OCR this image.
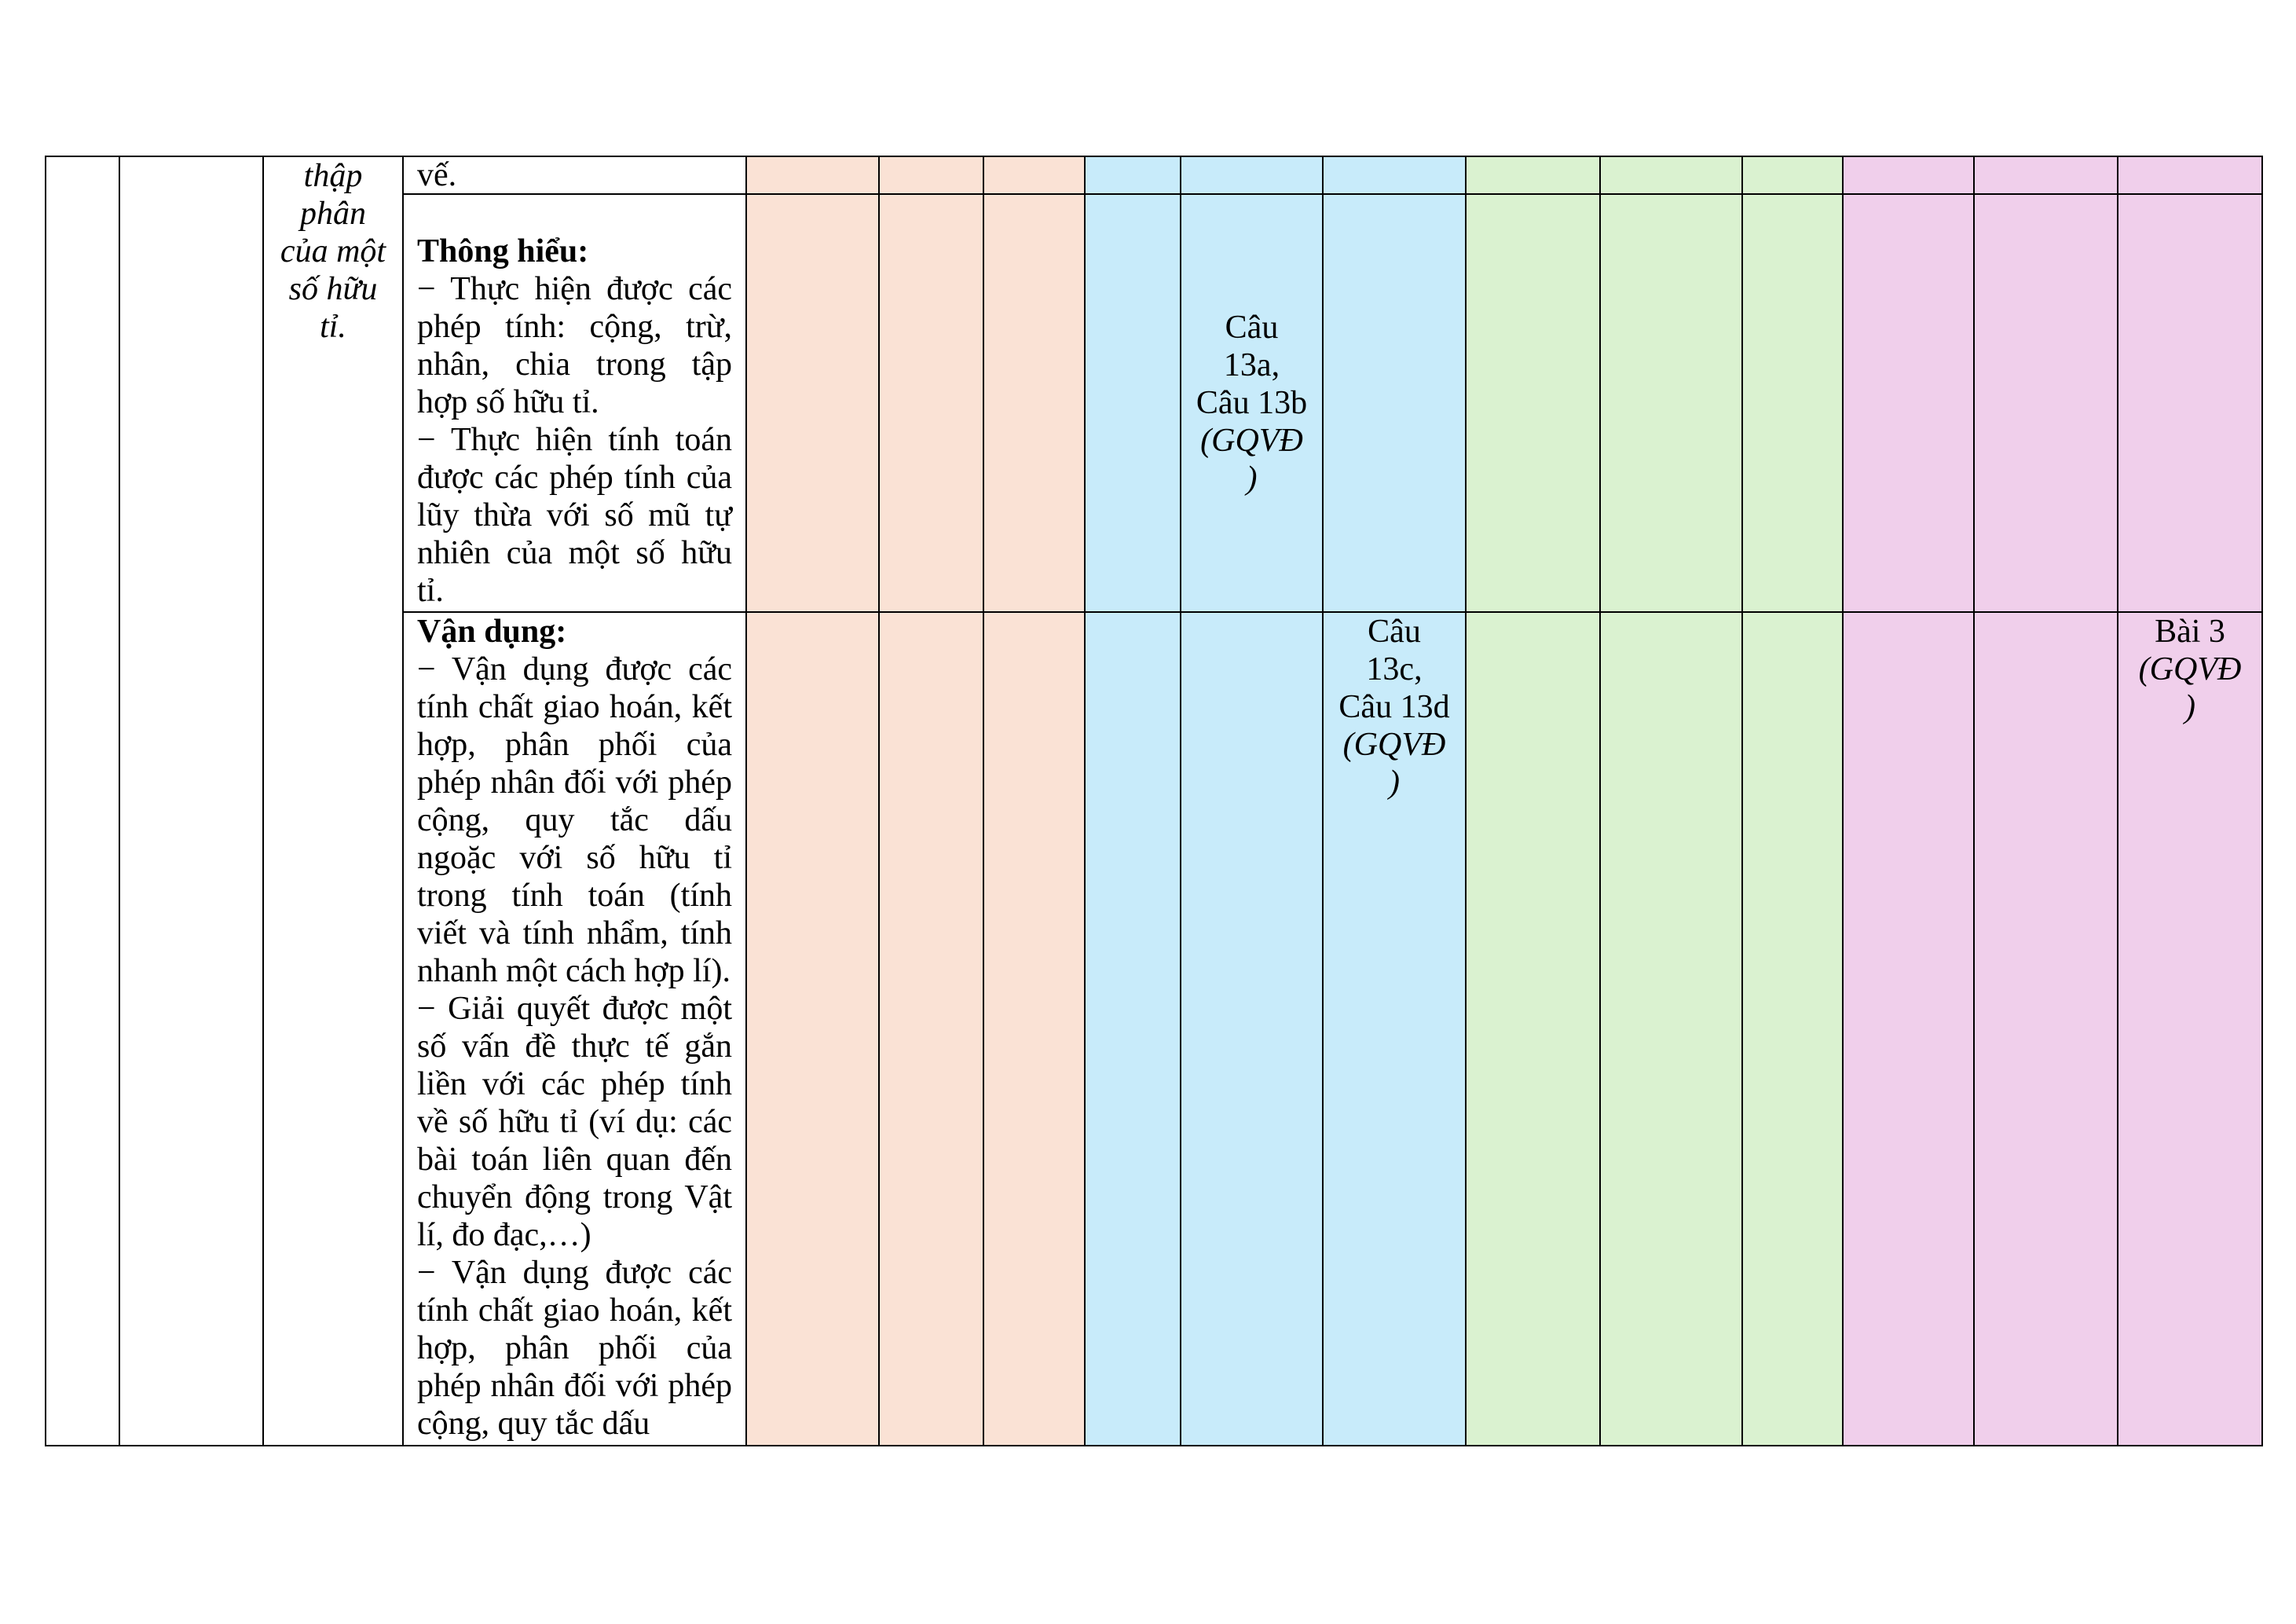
thập phân của một số hữu tỉ.
vế.
Thông hiểu:
− Thực hiện được các phép tính: cộng, trừ, nhân, chia trong tập hợp số hữu tỉ.
− Thực hiện tính toán được các phép tính của lũy thừa với số mũ tự nhiên của một số hữu tỉ.
Vận dụng:
− Vận dụng được các tính chất giao hoán, kết hợp, phân phối của phép nhân đối với phép cộng, quy tắc dấu ngoặc với số hữu tỉ trong tính toán (tính viết và tính nhẩm, tính nhanh một cách hợp lí).
− Giải quyết được một số vấn đề thực tế gắn liền với các phép tính về số hữu tỉ (ví dụ: các bài toán liên quan đến chuyển động trong Vật lí, đo đạc,…)
− Vận dụng được các tính chất giao hoán, kết hợp, phân phối của phép nhân đối với phép cộng, quy tắc dấu
Câu 13a, Câu 13b
(GQVĐ )
Câu 13c, Câu 13d
(GQVĐ )
Bài 3
(GQVĐ )
